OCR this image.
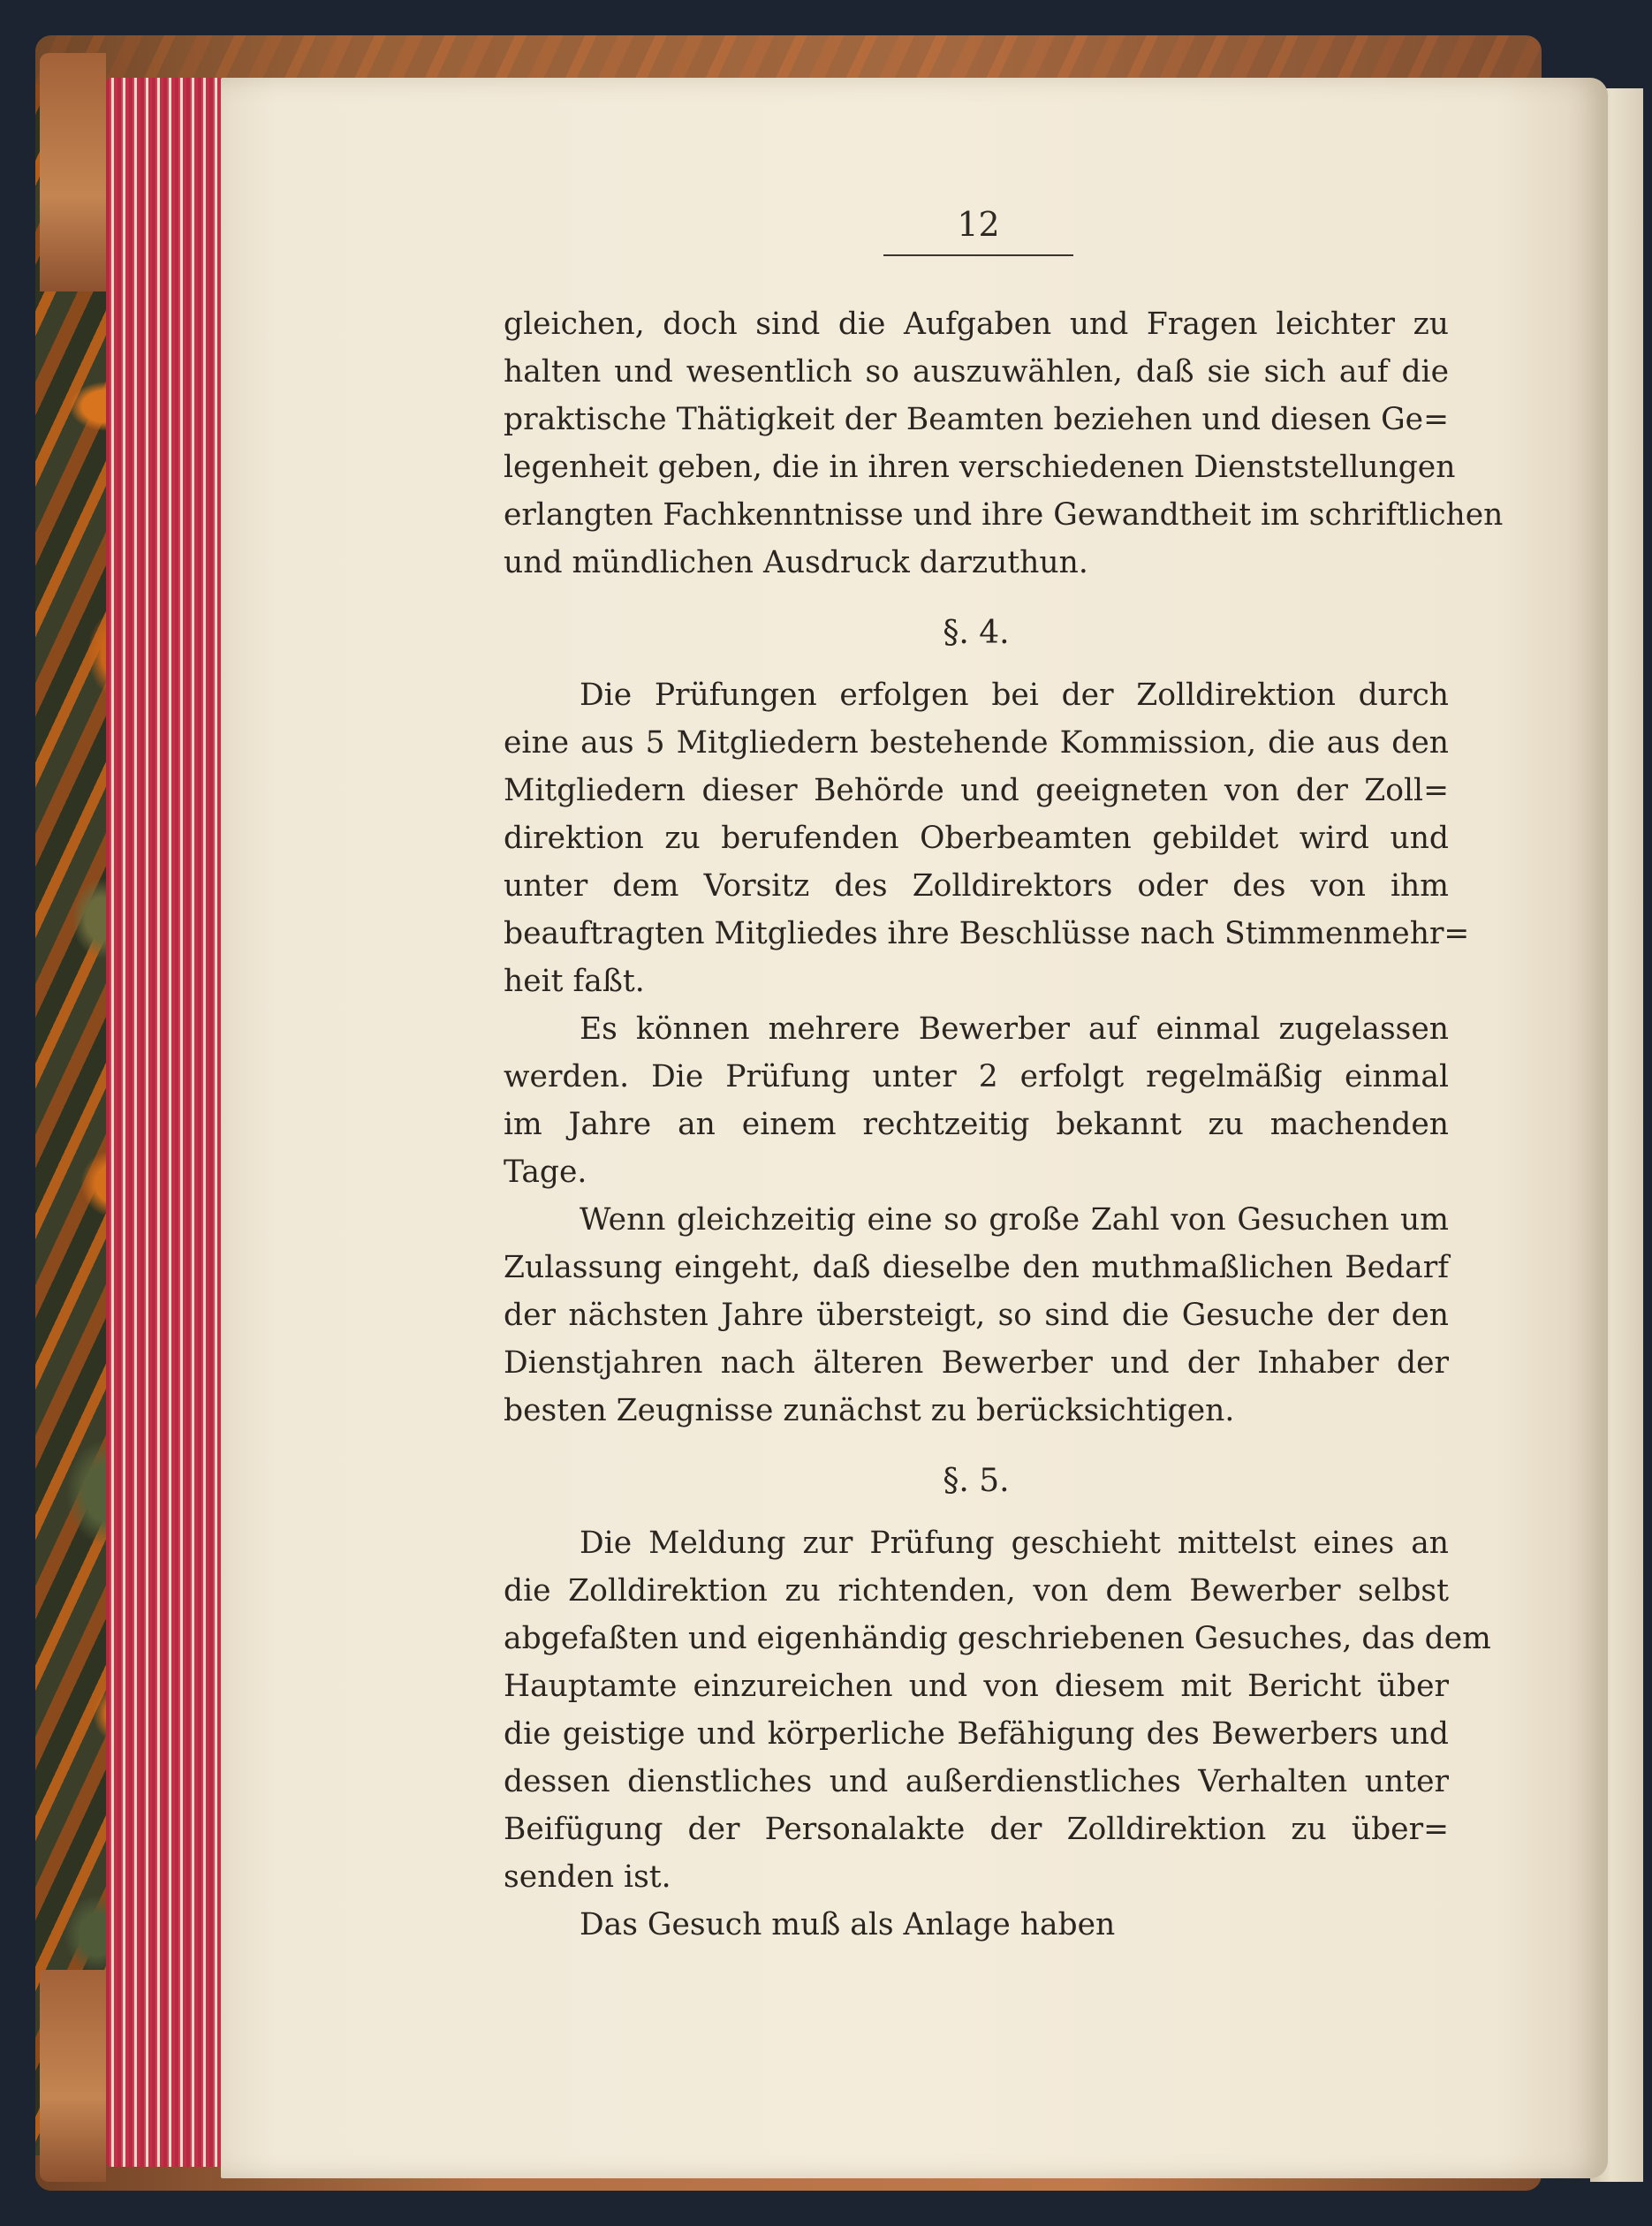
12
gleichen, doch sind die Aufgaben und Fragen leichter zu
halten und wesentlich so auszuwählen, daß sie sich auf die
praktische Thätigkeit der Beamten beziehen und diesen Ge=
legenheit geben, die in ihren verschiedenen Dienststellungen
erlangten Fachkenntnisse und ihre Gewandtheit im schriftlichen
und mündlichen Ausdruck darzuthun.
§. 4.
Die Prüfungen erfolgen bei der Zolldirektion durch
eine aus 5 Mitgliedern bestehende Kommission, die aus den
Mitgliedern dieser Behörde und geeigneten von der Zoll=
direktion zu berufenden Oberbeamten gebildet wird und
unter dem Vorsitz des Zolldirektors oder des von ihm
beauftragten Mitgliedes ihre Beschlüsse nach Stimmenmehr=
heit faßt.
Es können mehrere Bewerber auf einmal zugelassen
werden. Die Prüfung unter 2 erfolgt regelmäßig einmal
im Jahre an einem rechtzeitig bekannt zu machenden
Tage.
Wenn gleichzeitig eine so große Zahl von Gesuchen um
Zulassung eingeht, daß dieselbe den muthmaßlichen Bedarf
der nächsten Jahre übersteigt, so sind die Gesuche der den
Dienstjahren nach älteren Bewerber und der Inhaber der
besten Zeugnisse zunächst zu berücksichtigen.
§. 5.
Die Meldung zur Prüfung geschieht mittelst eines an
die Zolldirektion zu richtenden, von dem Bewerber selbst
abgefaßten und eigenhändig geschriebenen Gesuches, das dem
Hauptamte einzureichen und von diesem mit Bericht über
die geistige und körperliche Befähigung des Bewerbers und
dessen dienstliches und außerdienstliches Verhalten unter
Beifügung der Personalakte der Zolldirektion zu über=
senden ist.
Das Gesuch muß als Anlage haben
